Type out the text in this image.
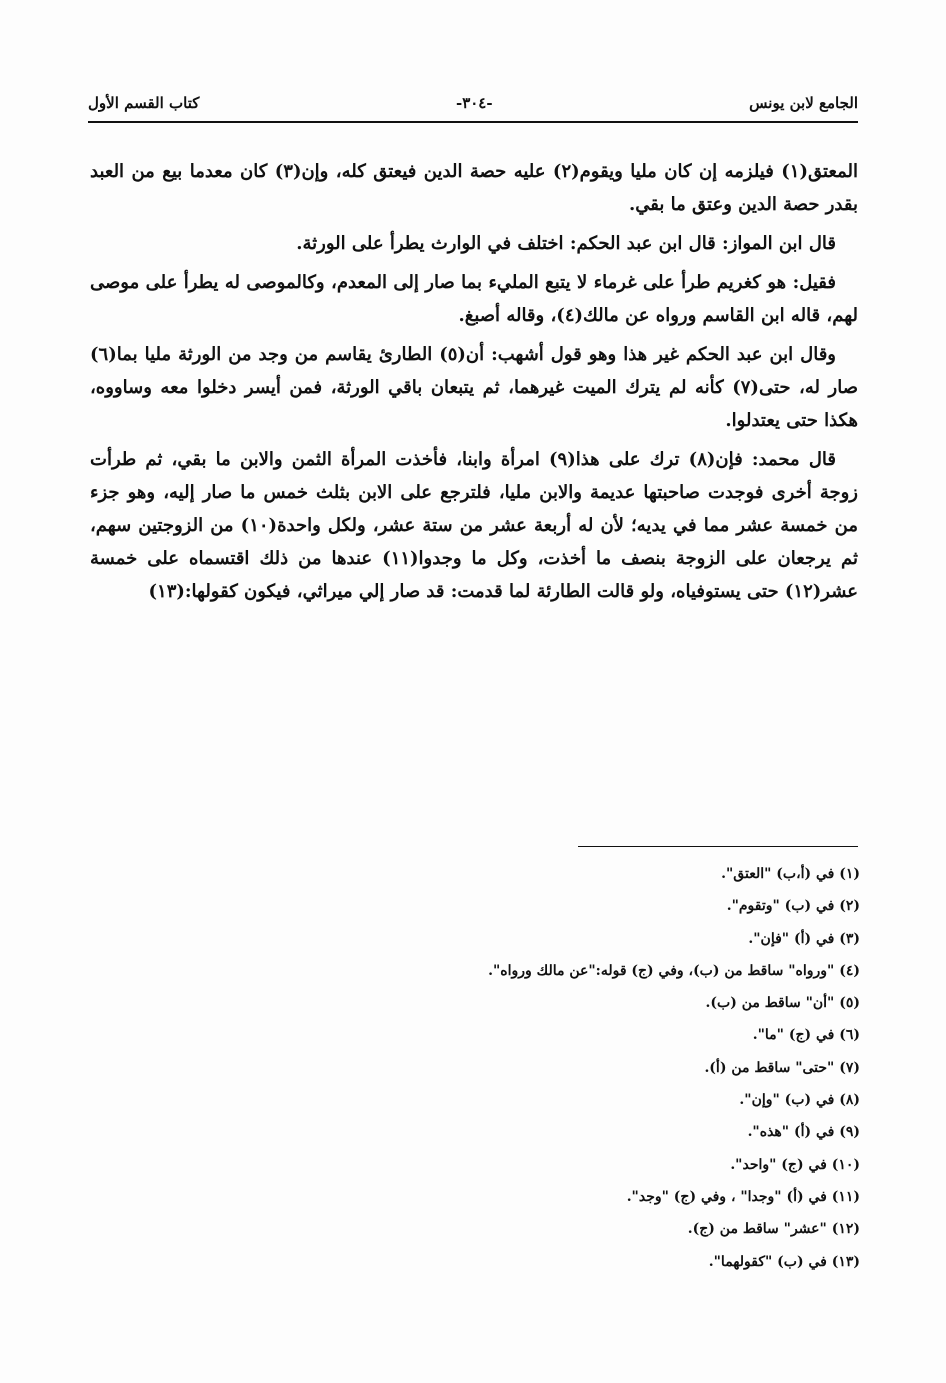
الجامع لابن يونس
-٣٠٤-
كتاب القسم الأول

المعتق(١) فيلزمه إن كان مليا ويقوم(٢) عليه حصة الدين فيعتق كله، وإن(٣) كان معدما بيع من العبد بقدر حصة الدين وعتق ما بقي.

قال ابن المواز: قال ابن عبد الحكم: اختلف في الوارث يطرأ على الورثة.

فقيل: هو كغريم طرأ على غرماء لا يتبع المليء بما صار إلى المعدم، وكالموصى له يطرأ على موصى لهم، قاله ابن القاسم ورواه عن مالك(٤)، وقاله أصبغ.

وقال ابن عبد الحكم غير هذا وهو قول أشهب: أن(٥) الطارئ يقاسم من وجد من الورثة مليا بما(٦) صار له، حتى(٧) كأنه لم يترك الميت غيرهما، ثم يتبعان باقي الورثة، فمن أيسر دخلوا معه وساووه، هكذا حتى يعتدلوا.

قال محمد: فإن(٨) ترك على هذا(٩) امرأة وابنا، فأخذت المرأة الثمن والابن ما بقي، ثم طرأت زوجة أخرى فوجدت صاحبتها عديمة والابن مليا، فلترجع على الابن بثلث خمس ما صار إليه، وهو جزء من خمسة عشر مما في يديه؛ لأن له أربعة عشر من ستة عشر، ولكل واحدة(١٠) من الزوجتين سهم، ثم يرجعان على الزوجة بنصف ما أخذت، وكل ما وجدوا(١١) عندها من ذلك اقتسماه على خمسة عشر(١٢) حتى يستوفياه، ولو قالت الطارئة لما قدمت: قد صار إلي ميراثي، فيكون كقولها:(١٣)

(١) في (أ،ب) "العتق".
(٢) في (ب) "وتقوم".
(٣) في (أ) "فإن".
(٤) "ورواه" ساقط من (ب)، وفي (ج) قوله:"عن مالك ورواه".
(٥) "أن" ساقط من (ب).
(٦) في (ج) "ما".
(٧) "حتى" ساقط من (أ).
(٨) في (ب) "وإن".
(٩) في (أ) "هذه".
(١٠) في (ج) "واحد".
(١١) في (أ) "وجدا" ، وفي (ج) "وجد".
(١٢) "عشر" ساقط من (ج).
(١٣) في (ب) "كقولهما".
